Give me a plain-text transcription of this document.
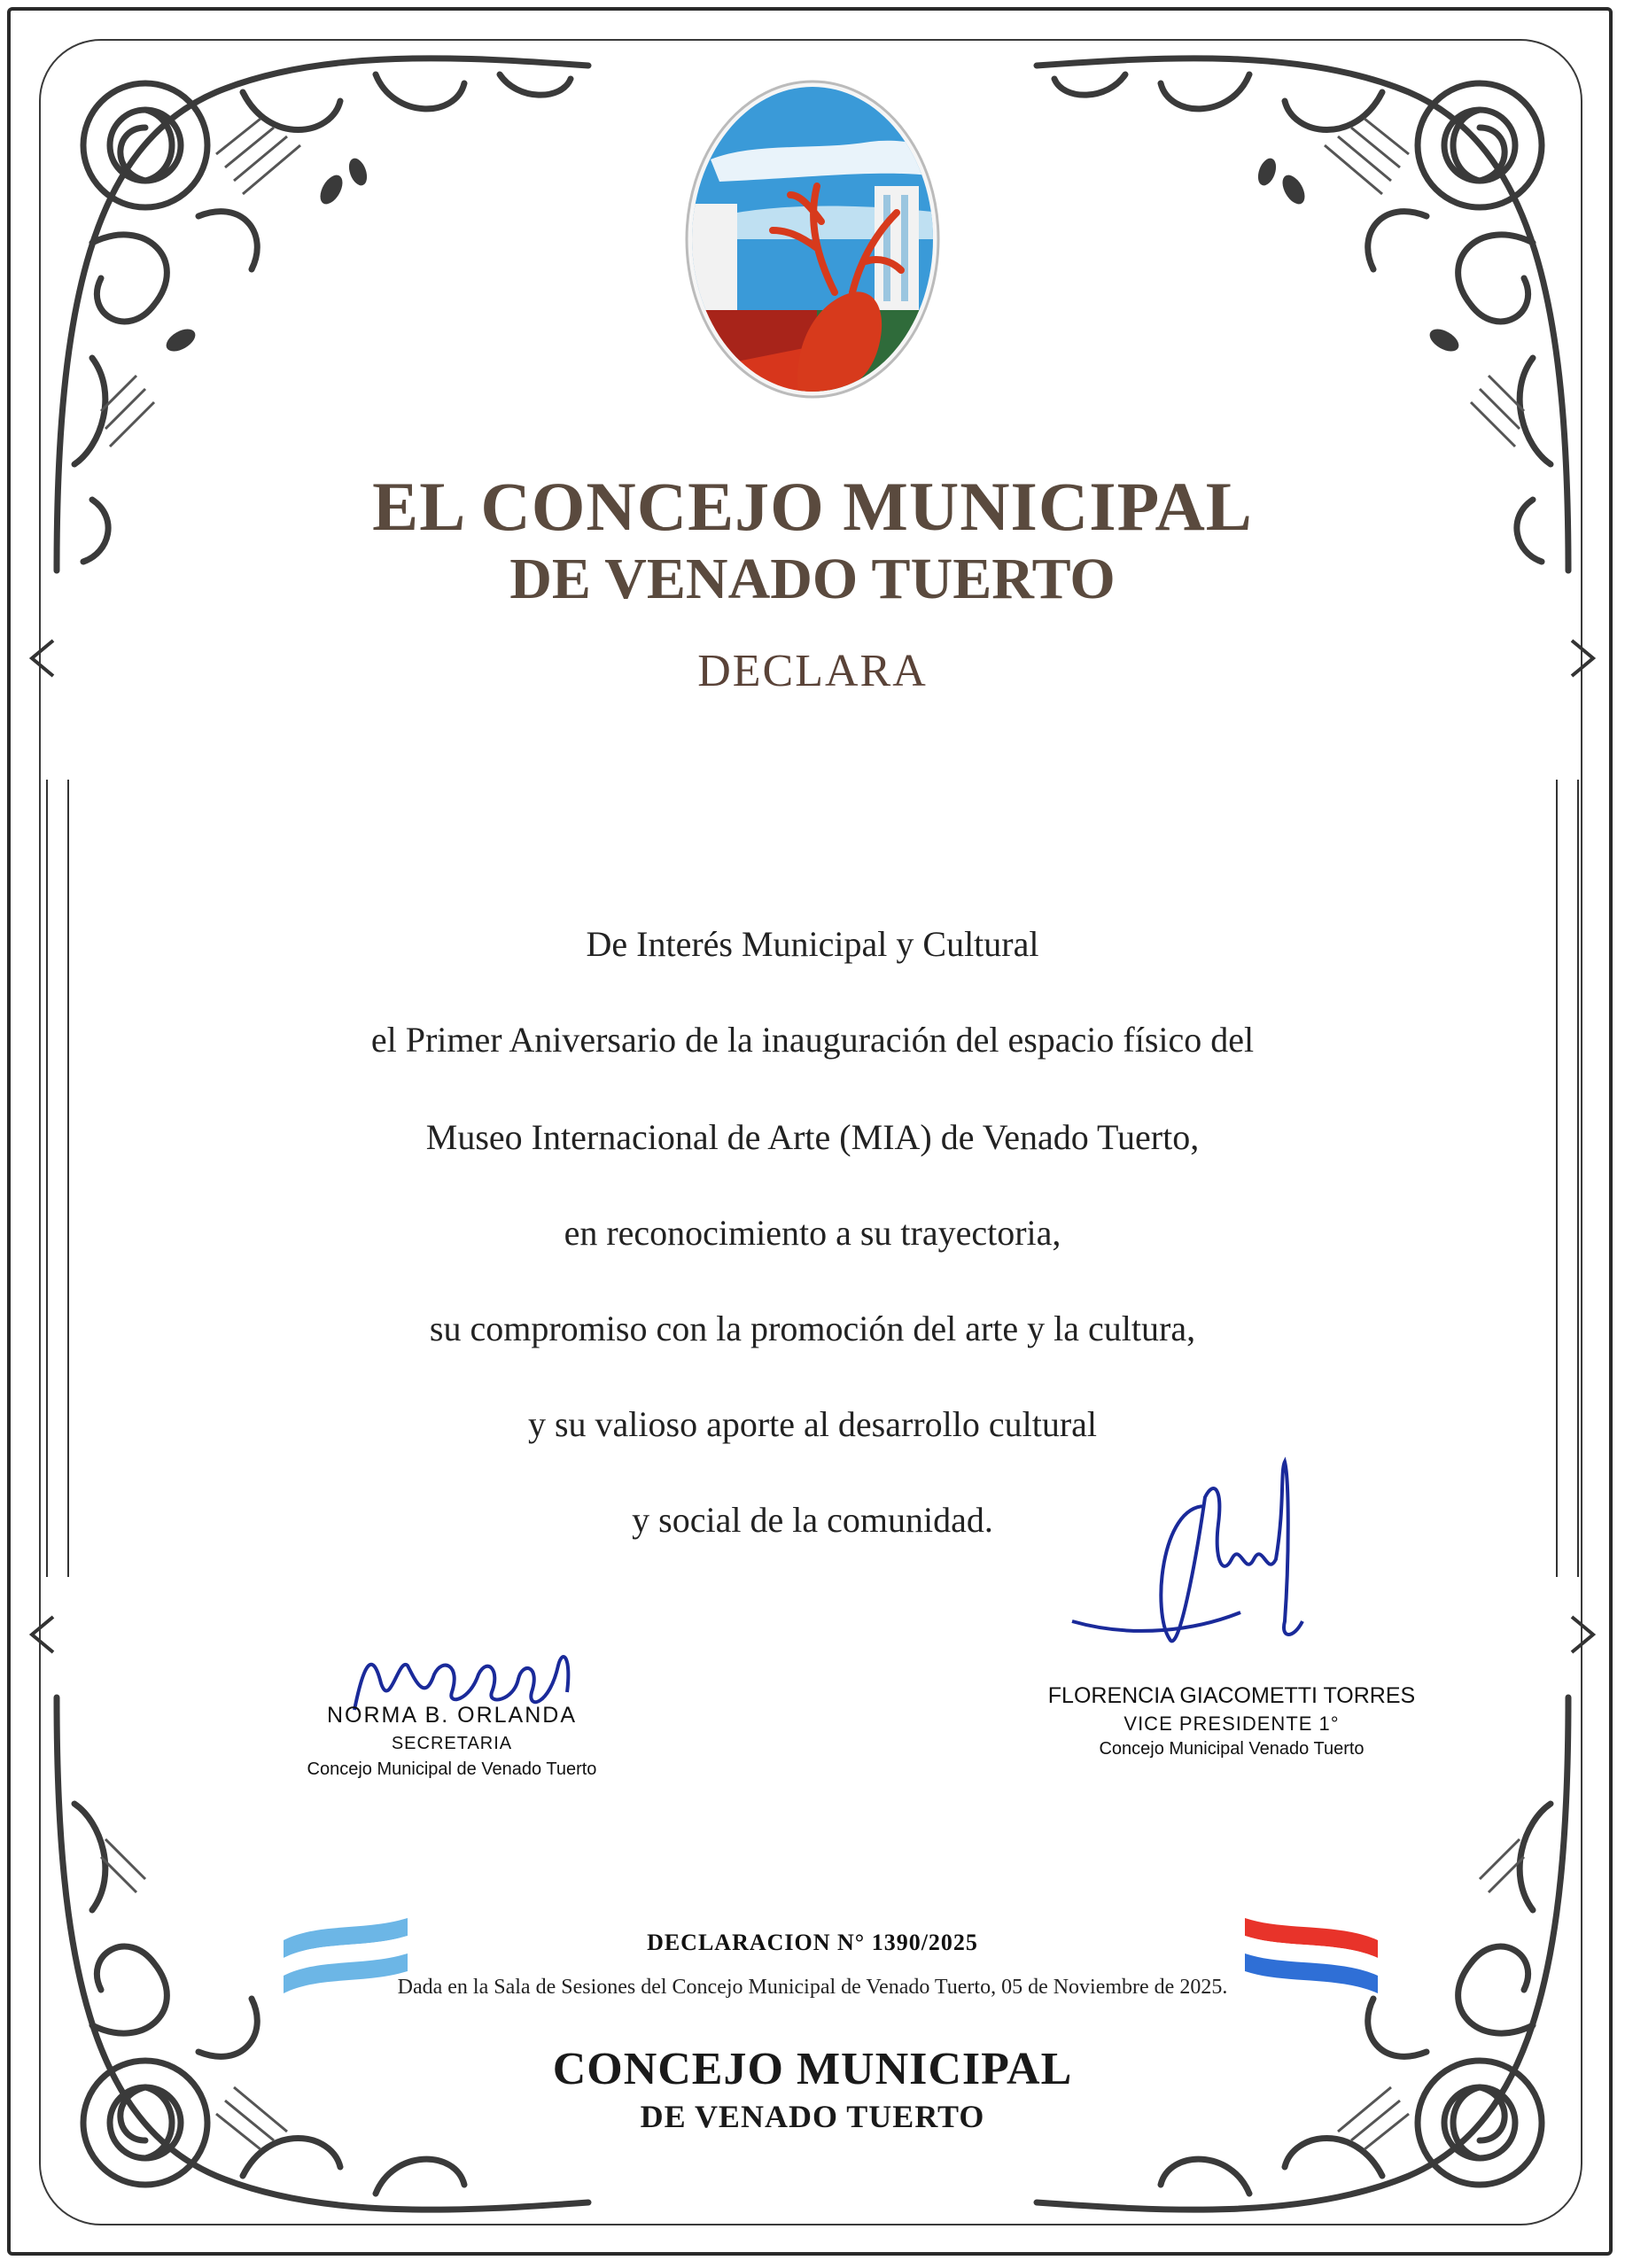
EL CONCEJO MUNICIPAL
DE VENADO TUERTO
DECLARA
De Interés Municipal y Cultural
el Primer Aniversario de la inauguración del espacio físico del
Museo Internacional de Arte (MIA) de Venado Tuerto,
en reconocimiento a su trayectoria,
su compromiso con la promoción del arte y la cultura,
y su valioso aporte al desarrollo cultural
y social de la comunidad.
NORMA B. ORLANDA
SECRETARIA
Concejo Municipal de Venado Tuerto
FLORENCIA GIACOMETTI TORRES
VICE PRESIDENTE 1°
Concejo Municipal Venado Tuerto
DECLARACION N° 1390/2025
Dada en la Sala de Sesiones del Concejo Municipal de Venado Tuerto, 05 de Noviembre de 2025.
CONCEJO MUNICIPAL
DE VENADO TUERTO
